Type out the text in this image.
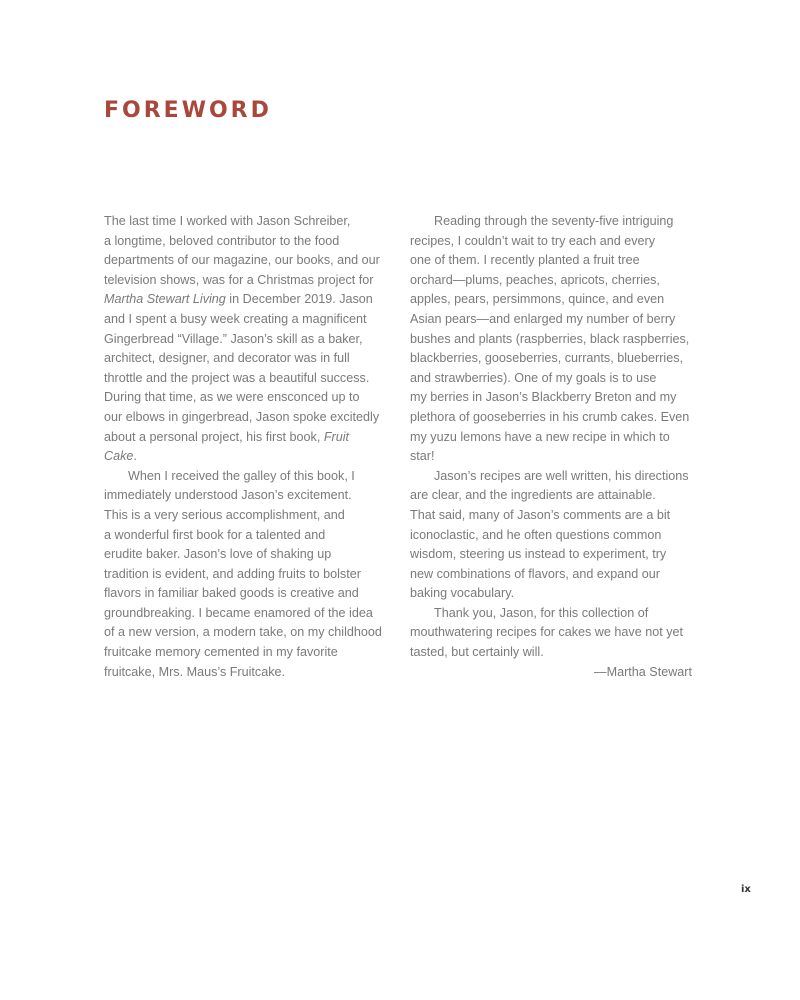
FOREWORD
The last time I worked with Jason Schreiber,
a longtime, beloved contributor to the food
departments of our magazine, our books, and our
television shows, was for a Christmas project for
Martha Stewart Living in December 2019. Jason
and I spent a busy week creating a magnificent
Gingerbread “Village.” Jason’s skill as a baker,
architect, designer, and decorator was in full
throttle and the project was a beautiful success.
During that time, as we were ensconced up to
our elbows in gingerbread, Jason spoke excitedly
about a personal project, his first book, Fruit
Cake.
When I received the galley of this book, I
immediately understood Jason’s excitement.
This is a very serious accomplishment, and
a wonderful first book for a talented and
erudite baker. Jason’s love of shaking up
tradition is evident, and adding fruits to bolster
flavors in familiar baked goods is creative and
groundbreaking. I became enamored of the idea
of a new version, a modern take, on my childhood
fruitcake memory cemented in my favorite
fruitcake, Mrs. Maus’s Fruitcake.
Reading through the seventy-five intriguing
recipes, I couldn’t wait to try each and every
one of them. I recently planted a fruit tree
orchard—plums, peaches, apricots, cherries,
apples, pears, persimmons, quince, and even
Asian pears—and enlarged my number of berry
bushes and plants (raspberries, black raspberries,
blackberries, gooseberries, currants, blueberries,
and strawberries). One of my goals is to use
my berries in Jason’s Blackberry Breton and my
plethora of gooseberries in his crumb cakes. Even
my yuzu lemons have a new recipe in which to
star!
Jason’s recipes are well written, his directions
are clear, and the ingredients are attainable.
That said, many of Jason’s comments are a bit
iconoclastic, and he often questions common
wisdom, steering us instead to experiment, try
new combinations of flavors, and expand our
baking vocabulary.
Thank you, Jason, for this collection of
mouthwatering recipes for cakes we have not yet
tasted, but certainly will.
—Martha Stewart
ix
